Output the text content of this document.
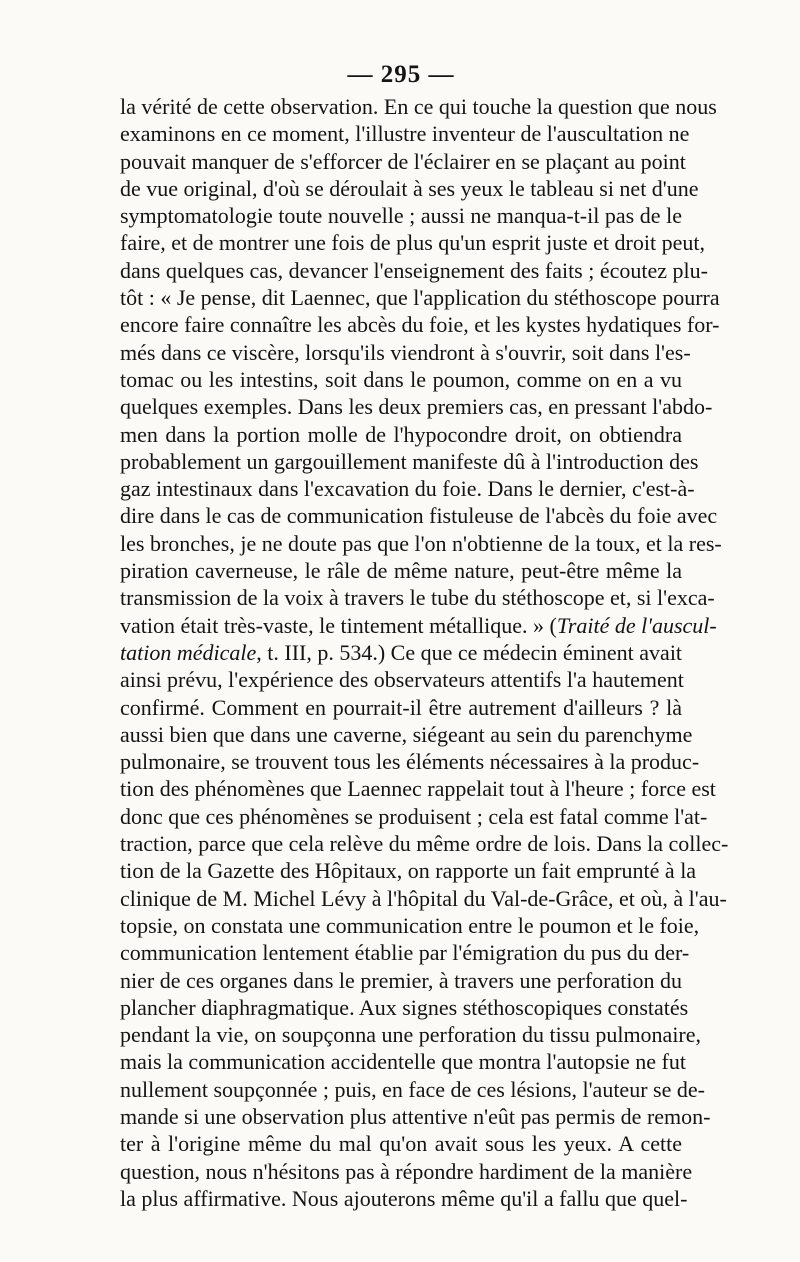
— 295 —
la vérité de cette observation. En ce qui touche la question que nous
examinons en ce moment, l'illustre inventeur de l'auscultation ne
pouvait manquer de s'efforcer de l'éclairer en se plaçant au point
de vue original, d'où se déroulait à ses yeux le tableau si net d'une
symptomatologie toute nouvelle ; aussi ne manqua-t-il pas de le
faire, et de montrer une fois de plus qu'un esprit juste et droit peut,
dans quelques cas, devancer l'enseignement des faits ; écoutez plu-
tôt : « Je pense, dit Laennec, que l'application du stéthoscope pourra
encore faire connaître les abcès du foie, et les kystes hydatiques for-
més dans ce viscère, lorsqu'ils viendront à s'ouvrir, soit dans l'es-
tomac ou les intestins, soit dans le poumon, comme on en a vu
quelques exemples. Dans les deux premiers cas, en pressant l'abdo-
men dans la portion molle de l'hypocondre droit, on obtiendra
probablement un gargouillement manifeste dû à l'introduction des
gaz intestinaux dans l'excavation du foie. Dans le dernier, c'est-à-
dire dans le cas de communication fistuleuse de l'abcès du foie avec
les bronches, je ne doute pas que l'on n'obtienne de la toux, et la res-
piration caverneuse, le râle de même nature, peut-être même la
transmission de la voix à travers le tube du stéthoscope et, si l'exca-
vation était très-vaste, le tintement métallique. » (Traité de l'auscul-
tation médicale, t. III, p. 534.) Ce que ce médecin éminent avait
ainsi prévu, l'expérience des observateurs attentifs l'a hautement
confirmé. Comment en pourrait-il être autrement d'ailleurs ? là
aussi bien que dans une caverne, siégeant au sein du parenchyme
pulmonaire, se trouvent tous les éléments nécessaires à la produc-
tion des phénomènes que Laennec rappelait tout à l'heure ; force est
donc que ces phénomènes se produisent ; cela est fatal comme l'at-
traction, parce que cela relève du même ordre de lois. Dans la collec-
tion de la Gazette des Hôpitaux, on rapporte un fait emprunté à la
clinique de M. Michel Lévy à l'hôpital du Val-de-Grâce, et où, à l'au-
topsie, on constata une communication entre le poumon et le foie,
communication lentement établie par l'émigration du pus du der-
nier de ces organes dans le premier, à travers une perforation du
plancher diaphragmatique. Aux signes stéthoscopiques constatés
pendant la vie, on soupçonna une perforation du tissu pulmonaire,
mais la communication accidentelle que montra l'autopsie ne fut
nullement soupçonnée ; puis, en face de ces lésions, l'auteur se de-
mande si une observation plus attentive n'eût pas permis de remon-
ter à l'origine même du mal qu'on avait sous les yeux. A cette
question, nous n'hésitons pas à répondre hardiment de la manière
la plus affirmative. Nous ajouterons même qu'il a fallu que quel-
